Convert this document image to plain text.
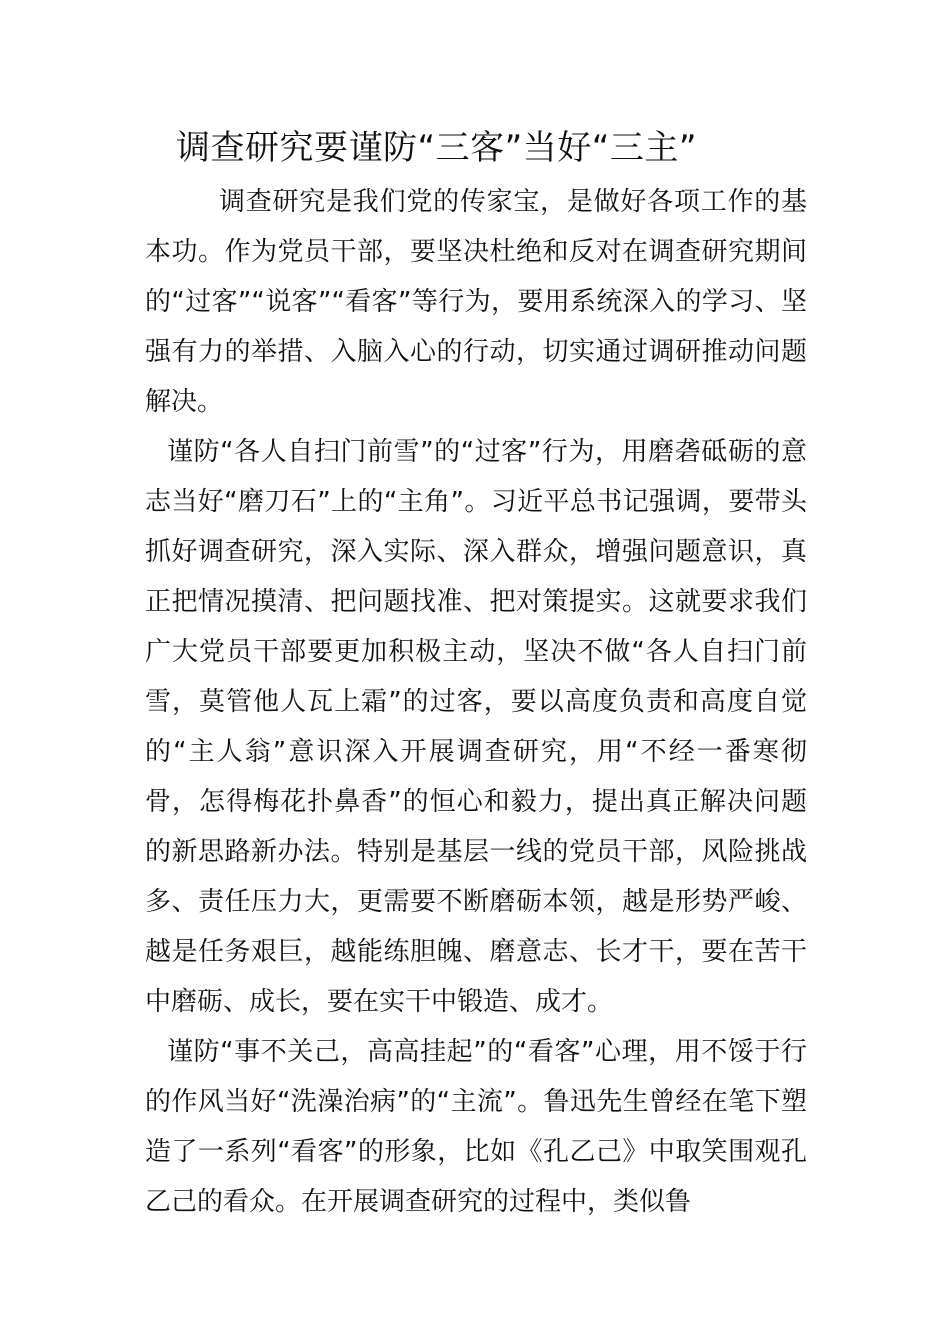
调查研究要谨防“三客”当好“三主”

调查研究是我们党的传家宝，是做好各项工作的基本功。作为党员干部，要坚决杜绝和反对在调查研究期间的“过客”“说客”“看客”等行为，要用系统深入的学习、坚强有力的举措、入脑入心的行动，切实通过调研推动问题解决。

谨防“各人自扫门前雪”的“过客”行为，用磨砻砥砺的意志当好“磨刀石”上的“主角”。习近平总书记强调，要带头抓好调查研究，深入实际、深入群众，增强问题意识，真正把情况摸清、把问题找准、把对策提实。这就要求我们广大党员干部要更加积极主动，坚决不做“各人自扫门前雪，莫管他人瓦上霜”的过客，要以高度负责和高度自觉的“主人翁”意识深入开展调查研究，用“不经一番寒彻骨，怎得梅花扑鼻香”的恒心和毅力，提出真正解决问题的新思路新办法。特别是基层一线的党员干部，风险挑战多、责任压力大，更需要不断磨砺本领，越是形势严峻、越是任务艰巨，越能练胆魄、磨意志、长才干，要在苦干中磨砺、成长，要在实干中锻造、成才。

谨防“事不关己，高高挂起”的“看客”心理，用不馁于行的作风当好“洗澡治病”的“主流”。鲁迅先生曾经在笔下塑造了一系列“看客”的形象，比如《孔乙己》中取笑围观孔乙己的看众。在开展调查研究的过程中，类似鲁
